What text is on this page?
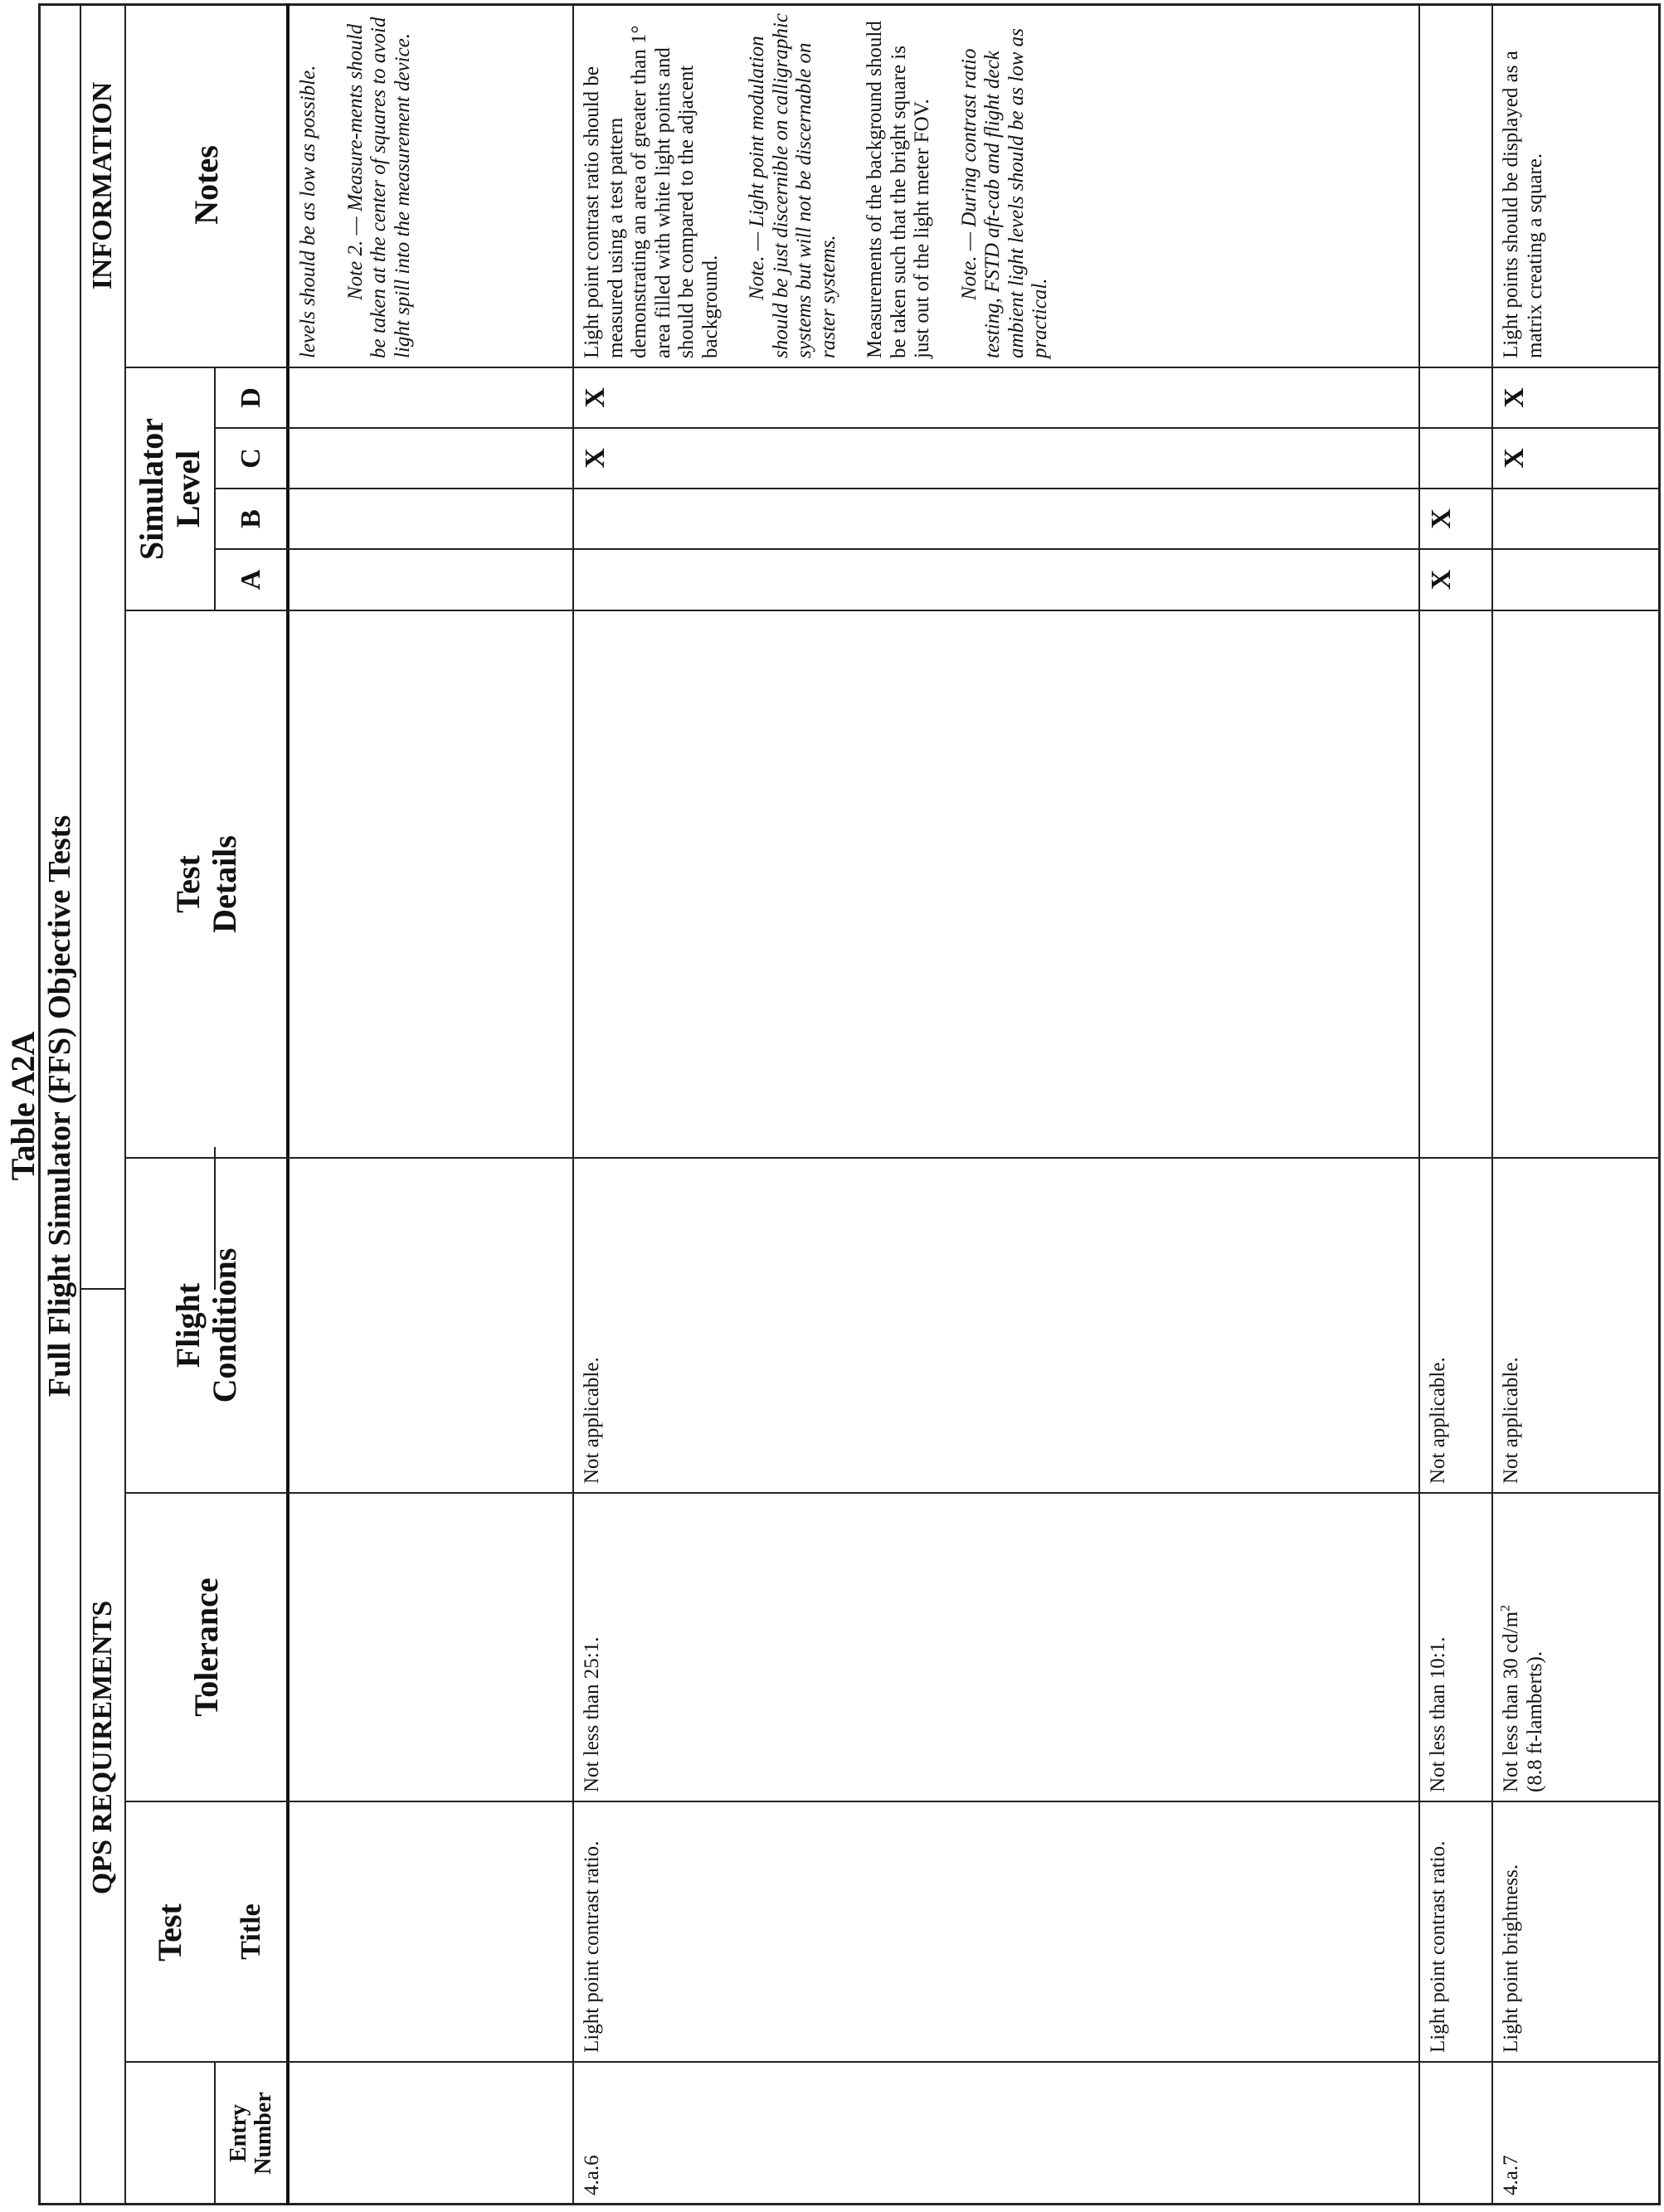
Table A2A Full Flight Simulator (FFS) Objective Tests
QPS REQUIREMENTS
INFORMATION
Test
Entry Number
Title
Tolerance
Flight Conditions
Test Details
Simulator Level
A
B
C
D
Notes	levels should be as low as possible. Note 2. — Measure-ments should be taken at the center of squares to avoid light spill into the measurement device.

4.a.6
Light point contrast ratio.
Not less than 25:1.
Not applicable.
X
X

Light point contrast ratio should be measured using a test pattern demonstrating an area of greater than 1° area filled with white light points and should be compared to the adjacent background.

Note. — Light point modulation should be just discernible on calligraphic systems but will not be discernable on raster systems. Measurements of the background should be taken such that the bright square is just out of the light meter FOV. Note. — During contrast ratio testing, FSTD aft-cab and flight deck ambient light levels should be as low as practical.

Light point contrast ratio.
Not less than 10:1.
Not applicable.
X
X
4.a.7
Light point brightness.

Not less than 30 $cd/m^2$

(8.8 ft-lamberts).

Not applicable.
X
X

Light points should be displayed as a matrix creating a square.
